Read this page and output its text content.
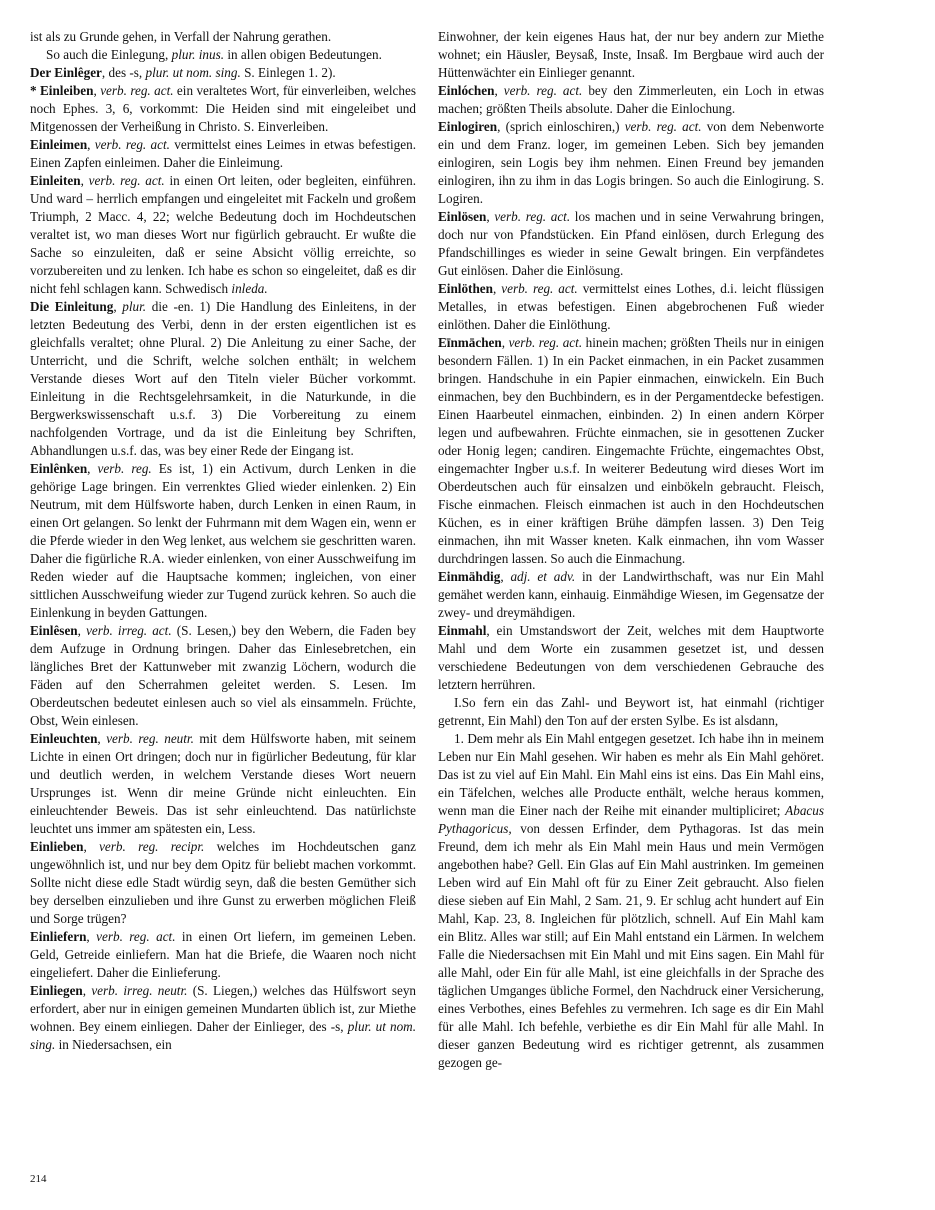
ist als zu Grunde gehen, in Verfall der Nahrung gerathen.

So auch die Einlegung, plur. inus. in allen obigen Bedeutungen.

Der Einlêger, des -s, plur. ut nom. sing. S. Einlegen 1. 2).

* Einleiben, verb. reg. act. ein veraltetes Wort, für einverleiben, welches noch Ephes. 3, 6, vorkommt: Die Heiden sind mit eingeleibet und Mitgenossen der Verheißung in Christo. S. Einverleiben.

Einleimen, verb. reg. act. vermittelst eines Leimes in etwas befestigen. Einen Zapfen einleimen. Daher die Einleimung.

Einleiten, verb. reg. act. in einen Ort leiten, oder begleiten, einführen. Und ward – herrlich empfangen und eingeleitet mit Fackeln und großem Triumph, 2 Macc. 4, 22; welche Bedeutung doch im Hochdeutschen veraltet ist, wo man dieses Wort nur figürlich gebraucht. Er wußte die Sache so einzuleiten, daß er seine Absicht völlig erreichte, so vorzubereiten und zu lenken. Ich habe es schon so eingeleitet, daß es dir nicht fehl schlagen kann. Schwedisch inleda.

Die Einleitung, plur. die -en. 1) Die Handlung des Einleitens, in der letzten Bedeutung des Verbi, denn in der ersten eigentlichen ist es gleichfalls veraltet; ohne Plural. 2) Die Anleitung zu einer Sache, der Unterricht, und die Schrift, welche solchen enthält; in welchem Verstande dieses Wort auf den Titeln vieler Bücher vorkommt. Einleitung in die Rechtsgelehrsamkeit, in die Naturkunde, in die Bergwerkswissenschaft u.s.f. 3) Die Vorbereitung zu einem nachfolgenden Vortrage, und da ist die Einleitung bey Schriften, Abhandlungen u.s.f. das, was bey einer Rede der Eingang ist.

Einlênken, verb. reg. Es ist, 1) ein Activum, durch Lenken in die gehörige Lage bringen. Ein verrenktes Glied wieder einlenken. 2) Ein Neutrum, mit dem Hülfsworte haben, durch Lenken in einen Raum, in einen Ort gelangen. So lenkt der Fuhrmann mit dem Wagen ein, wenn er die Pferde wieder in den Weg lenket, aus welchem sie geschritten waren. Daher die figürliche R.A. wieder einlenken, von einer Ausschweifung im Reden wieder auf die Hauptsache kommen; ingleichen, von einer sittlichen Ausschweifung wieder zur Tugend zurück kehren. So auch die Einlenkung in beyden Gattungen.

Einlêsen, verb. irreg. act. (S. Lesen,) bey den Webern, die Faden bey dem Aufzuge in Ordnung bringen. Daher das Einlesebretchen, ein längliches Bret der Kattunweber mit zwanzig Löchern, wodurch die Fäden auf den Scherrahmen geleitet werden. S. Lesen. Im Oberdeutschen bedeutet einlesen auch so viel als einsammeln. Früchte, Obst, Wein einlesen.

Einleuchten, verb. reg. neutr. mit dem Hülfsworte haben, mit seinem Lichte in einen Ort dringen; doch nur in figürlicher Bedeutung, für klar und deutlich werden, in welchem Verstande dieses Wort neuern Ursprunges ist. Wenn dir meine Gründe nicht einleuchten. Ein einleuchtender Beweis. Das ist sehr einleuchtend. Das natürlichste leuchtet uns immer am spätesten ein, Less.

Einlieben, verb. reg. recipr. welches im Hochdeutschen ganz ungewöhnlich ist, und nur bey dem Opitz für beliebt machen vorkommt. Sollte nicht diese edle Stadt würdig seyn, daß die besten Gemüther sich bey derselben einzulieben und ihre Gunst zu erwerben möglichen Fleiß und Sorge trügen?

Einliefern, verb. reg. act. in einen Ort liefern, im gemeinen Leben. Geld, Getreide einliefern. Man hat die Briefe, die Waaren noch nicht eingeliefert. Daher die Einlieferung.

Einliegen, verb. irreg. neutr. (S. Liegen,) welches das Hülfswort seyn erfordert, aber nur in einigen gemeinen Mundarten üblich ist, zur Miethe wohnen. Bey einem einliegen. Daher der Einlieger, des -s, plur. ut nom. sing. in Niedersachsen, ein

Einwohner, der kein eigenes Haus hat, der nur bey andern zur Miethe wohnet; ein Häusler, Beysaß, Inste, Insaß. Im Bergbaue wird auch der Hüttenwächter ein Einlieger genannt.

Einlóchen, verb. reg. act. bey den Zimmerleuten, ein Loch in etwas machen; größten Theils absolute. Daher die Einlochung.

Einlogiren, (sprich einloschiren,) verb. reg. act. von dem Nebenworte ein und dem Franz. loger, im gemeinen Leben. Sich bey jemanden einlogiren, sein Logis bey ihm nehmen. Einen Freund bey jemanden einlogiren, ihn zu ihm in das Logis bringen. So auch die Einlogirung. S. Logiren.

Einlösen, verb. reg. act. los machen und in seine Verwahrung bringen, doch nur von Pfandstücken. Ein Pfand einlösen, durch Erlegung des Pfandschillinges es wieder in seine Gewalt bringen. Ein verpfändetes Gut einlösen. Daher die Einlösung.

Einlöthen, verb. reg. act. vermittelst eines Lothes, d.i. leicht flüssigen Metalles, in etwas befestigen. Einen abgebrochenen Fuß wieder einlöthen. Daher die Einlöthung.

Eīnmāchen, verb. reg. act. hinein machen; größten Theils nur in einigen besondern Fällen. 1) In ein Packet einmachen, in ein Packet zusammen bringen. Handschuhe in ein Papier einmachen, einwickeln. Ein Buch einmachen, bey den Buchbindern, es in der Pergamentdecke befestigen. Einen Haarbeutel einmachen, einbinden. 2) In einen andern Körper legen und aufbewahren. Früchte einmachen, sie in gesottenen Zucker oder Honig legen; candiren. Eingemachte Früchte, eingemachtes Obst, eingemachter Ingber u.s.f. In weiterer Bedeutung wird dieses Wort im Oberdeutschen auch für einsalzen und einbökeln gebraucht. Fleisch, Fische einmachen. Fleisch einmachen ist auch in den Hochdeutschen Küchen, es in einer kräftigen Brühe dämpfen lassen. 3) Den Teig einmachen, ihn mit Wasser kneten. Kalk einmachen, ihn vom Wasser durchdringen lassen. So auch die Einmachung.

Einmähdig, adj. et adv. in der Landwirthschaft, was nur Ein Mahl gemähet werden kann, einhauig. Einmähdige Wiesen, im Gegensatze der zwey- und dreymähdigen.

Einmahl, ein Umstandswort der Zeit, welches mit dem Hauptworte Mahl und dem Worte ein zusammen gesetzet ist, und dessen verschiedene Bedeutungen von dem verschiedenen Gebrauche des letztern herrühren.

I.So fern ein das Zahl- und Beywort ist, hat einmahl (richtiger getrennt, Ein Mahl) den Ton auf der ersten Sylbe. Es ist alsdann,

1. Dem mehr als Ein Mahl entgegen gesetzet. Ich habe ihn in meinem Leben nur Ein Mahl gesehen. Wir haben es mehr als Ein Mahl gehöret. Das ist zu viel auf Ein Mahl. Ein Mahl eins ist eins. Das Ein Mahl eins, ein Täfelchen, welches alle Producte enthält, welche heraus kommen, wenn man die Einer nach der Reihe mit einander multipliciret; Abacus Pythagoricus, von dessen Erfinder, dem Pythagoras. Ist das mein Freund, dem ich mehr als Ein Mahl mein Haus und mein Vermögen angebothen habe? Gell. Ein Glas auf Ein Mahl austrinken. Im gemeinen Leben wird auf Ein Mahl oft für zu Einer Zeit gebraucht. Also fielen diese sieben auf Ein Mahl, 2 Sam. 21, 9. Er schlug acht hundert auf Ein Mahl, Kap. 23, 8. Ingleichen für plötzlich, schnell. Auf Ein Mahl kam ein Blitz. Alles war still; auf Ein Mahl entstand ein Lärmen. In welchem Falle die Niedersachsen mit Ein Mahl und mit Eins sagen. Ein Mahl für alle Mahl, oder Ein für alle Mahl, ist eine gleichfalls in der Sprache des täglichen Umganges übliche Formel, den Nachdruck einer Versicherung, eines Verbothes, eines Befehles zu vermehren. Ich sage es dir Ein Mahl für alle Mahl. Ich befehle, verbiethe es dir Ein Mahl für alle Mahl. In dieser ganzen Bedeutung wird es richtiger getrennt, als zusammen gezogen ge-

214
